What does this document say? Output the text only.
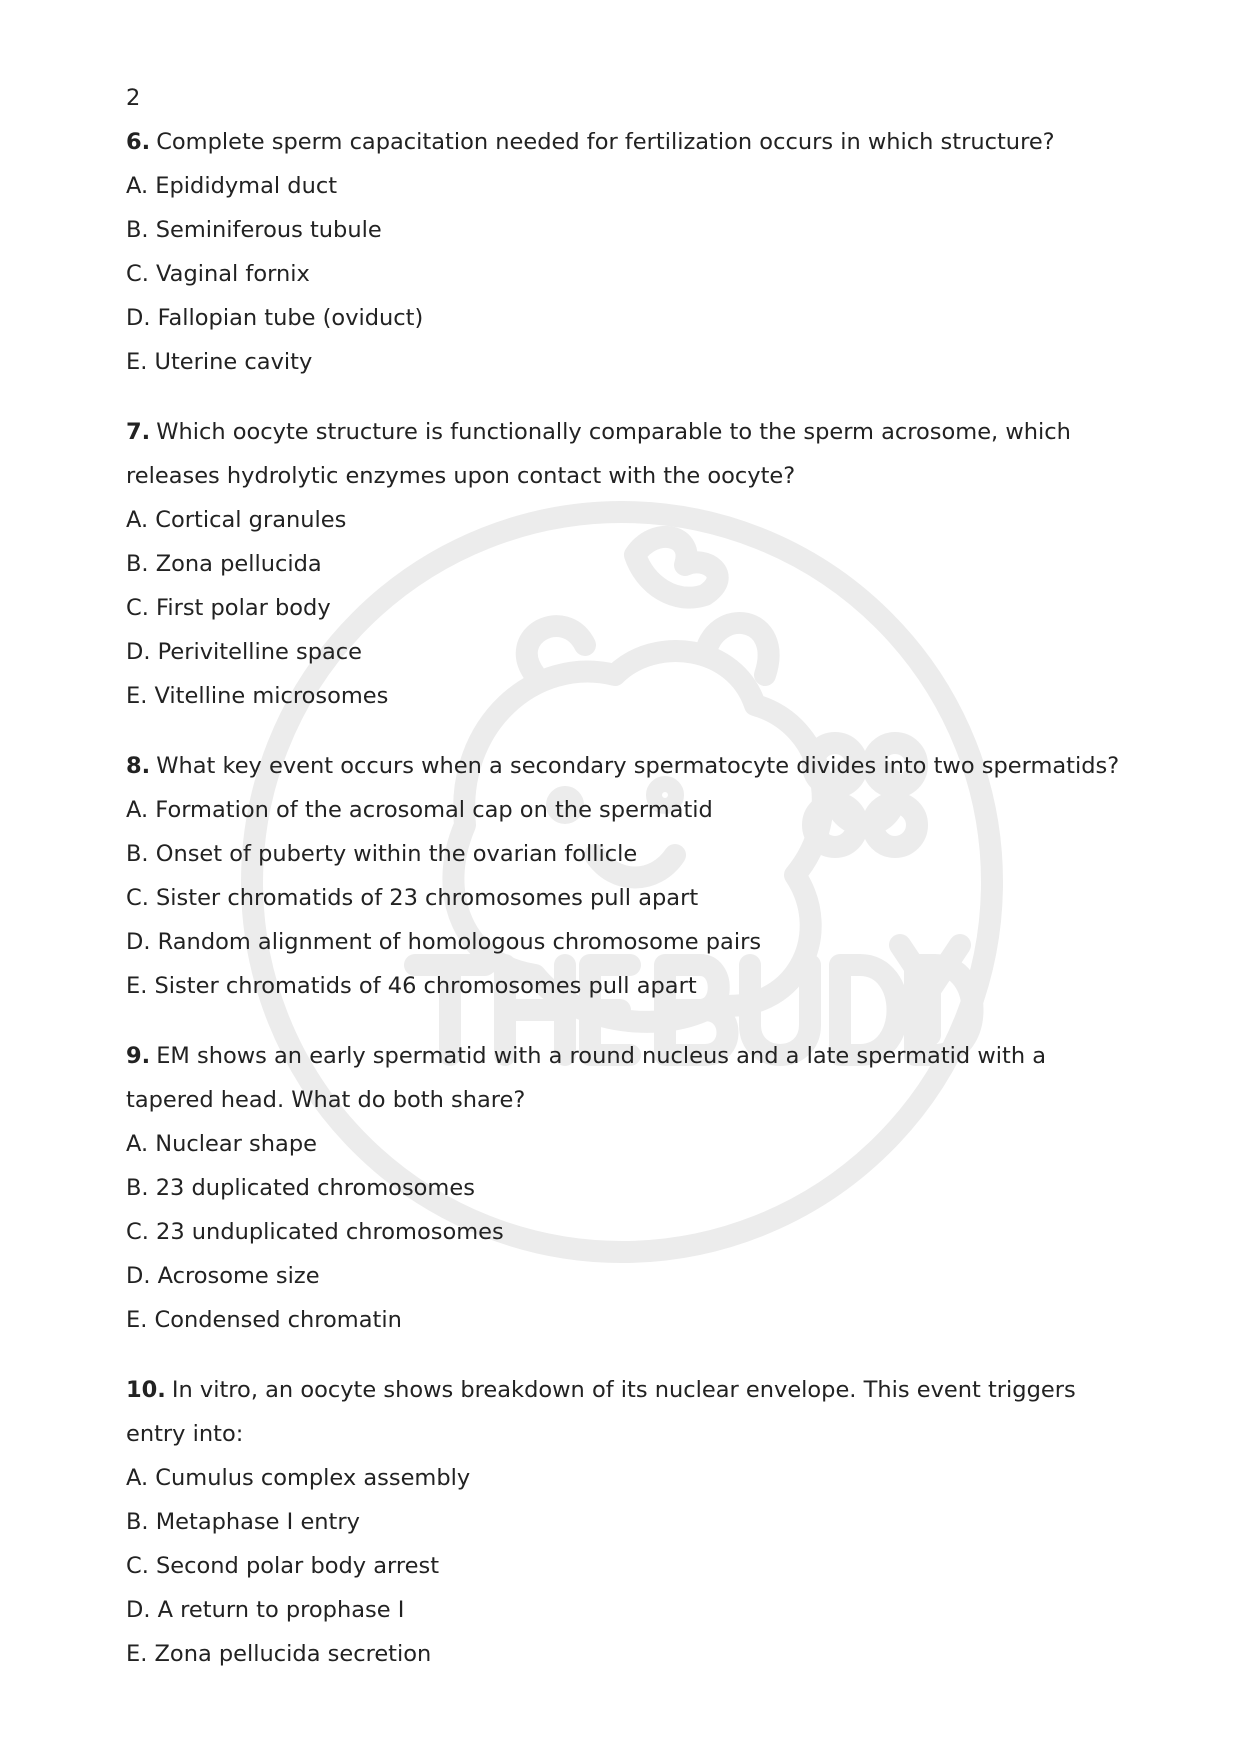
2

6. Complete sperm capacitation needed for fertilization occurs in which structure?

A. Epididymal duct
B. Seminiferous tubule
C. Vaginal fornix
D. Fallopian tube (oviduct)
E. Uterine cavity

7. Which oocyte structure is functionally comparable to the sperm acrosome, which releases hydrolytic enzymes upon contact with the oocyte?

A. Cortical granules
B. Zona pellucida
C. First polar body
D. Perivitelline space
E. Vitelline microsomes

8. What key event occurs when a secondary spermatocyte divides into two spermatids?

A. Formation of the acrosomal cap on the spermatid
B. Onset of puberty within the ovarian follicle
C. Sister chromatids of 23 chromosomes pull apart
D. Random alignment of homologous chromosome pairs
E. Sister chromatids of 46 chromosomes pull apart

9. EM shows an early spermatid with a round nucleus and a late spermatid with a tapered head. What do both share?

A. Nuclear shape
B. 23 duplicated chromosomes
C. 23 unduplicated chromosomes
D. Acrosome size
E. Condensed chromatin

10. In vitro, an oocyte shows breakdown of its nuclear envelope. This event triggers entry into:

A. Cumulus complex assembly
B. Metaphase I entry
C. Second polar body arrest
D. A return to prophase I
E. Zona pellucida secretion
